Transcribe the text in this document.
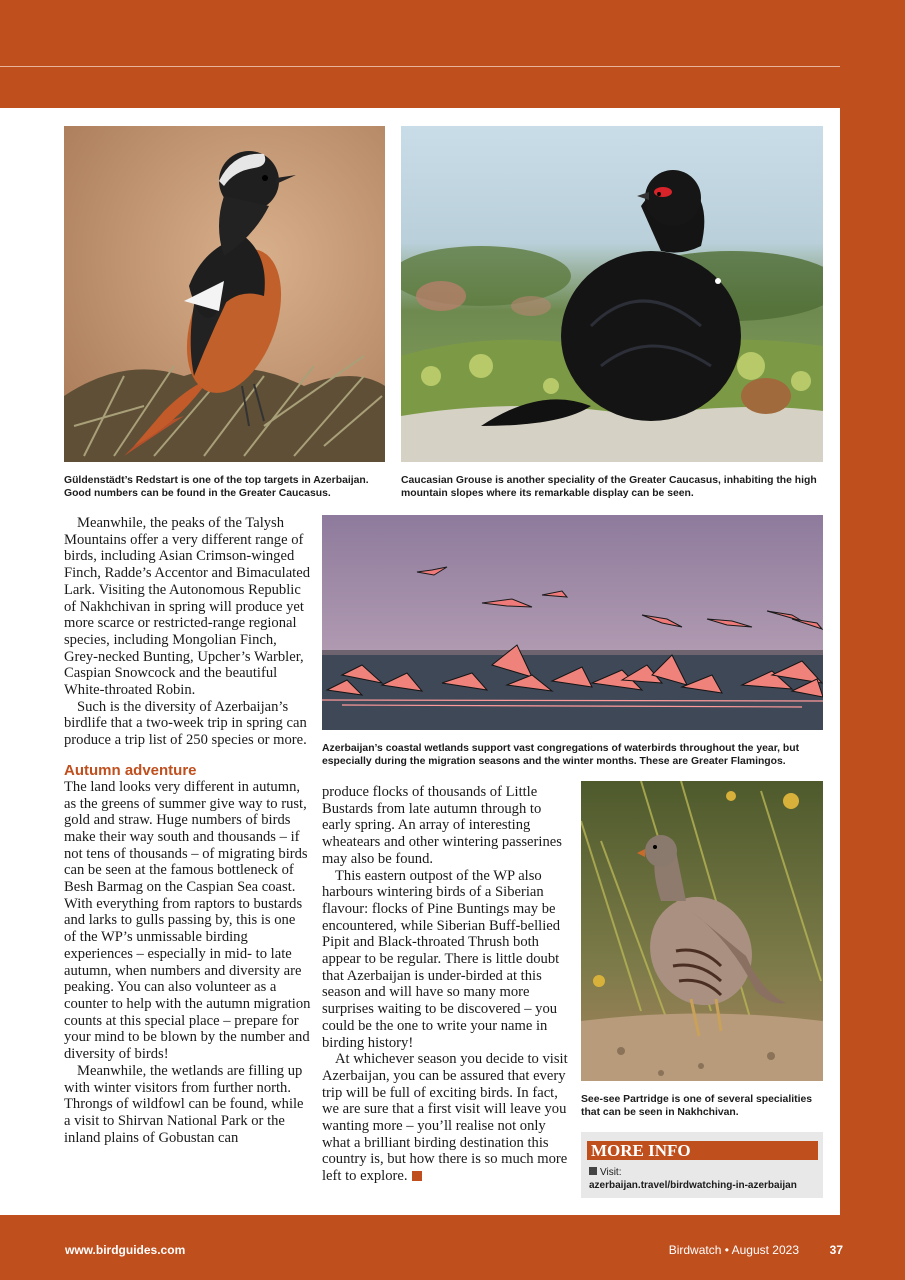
Güldenstädt’s Redstart is one of the top targets in Azerbaijan. Good numbers can be found in the Greater Caucasus.
Caucasian Grouse is another speciality of the Greater Caucasus, inhabiting the high mountain slopes where its remarkable display can be seen.

Meanwhile, the peaks of the Talysh Mountains offer a very different range of birds, including Asian Crimson-winged Finch, Radde’s Accentor and Bimaculated Lark. Visiting the Autonomous Republic of Nakhchivan in spring will produce yet more scarce or restricted-range regional species, including Mongolian Finch, Grey-necked Bunting, Upcher’s Warbler, Caspian Snowcock and the beautiful White-throated Robin.

Such is the diversity of Azerbaijan’s birdlife that a two-week trip in spring can produce a trip list of 250 species or more.

Autumn adventure

The land looks very different in autumn, as the greens of summer give way to rust, gold and straw. Huge numbers of birds make their way south and thousands – if not tens of thousands – of migrating birds can be seen at the famous bottleneck of Besh Barmag on the Caspian Sea coast. With everything from raptors to bustards and larks to gulls passing by, this is one of the WP’s unmissable birding experiences – especially in mid- to late autumn, when numbers and diversity are peaking. You can also volunteer as a counter to help with the autumn migration counts at this special place – prepare for your mind to be blown by the number and diversity of birds!

Meanwhile, the wetlands are filling up with winter visitors from further north. Throngs of wildfowl can be found, while a visit to Shirvan National Park or the inland plains of Gobustan can

Azerbaijan’s coastal wetlands support vast congregations of waterbirds throughout the year, but especially during the migration seasons and the winter months. These are Greater Flamingos.

produce flocks of thousands of Little Bustards from late autumn through to early spring. An array of interesting wheatears and other wintering passerines may also be found.

This eastern outpost of the WP also harbours wintering birds of a Siberian flavour: flocks of Pine Buntings may be encountered, while Siberian Buff-bellied Pipit and Black-throated Thrush both appear to be regular. There is little doubt that Azerbaijan is under-birded at this season and will have so many more surprises waiting to be discovered – you could be the one to write your name in birding history!

At whichever season you decide to visit Azerbaijan, you can be assured that every trip will be full of exciting birds. In fact, we are sure that a first visit will leave you wanting more – you’ll realise not only what a brilliant birding destination this country is, but how there is so much more left to explore.

See-see Partridge is one of several specialities that can be seen in Nakhchivan.
MORE INFO
Visit:
azerbaijan.travel/birdwatching-in-azerbaijan
www.birdguides.com	Birdwatch • August 2023	37
